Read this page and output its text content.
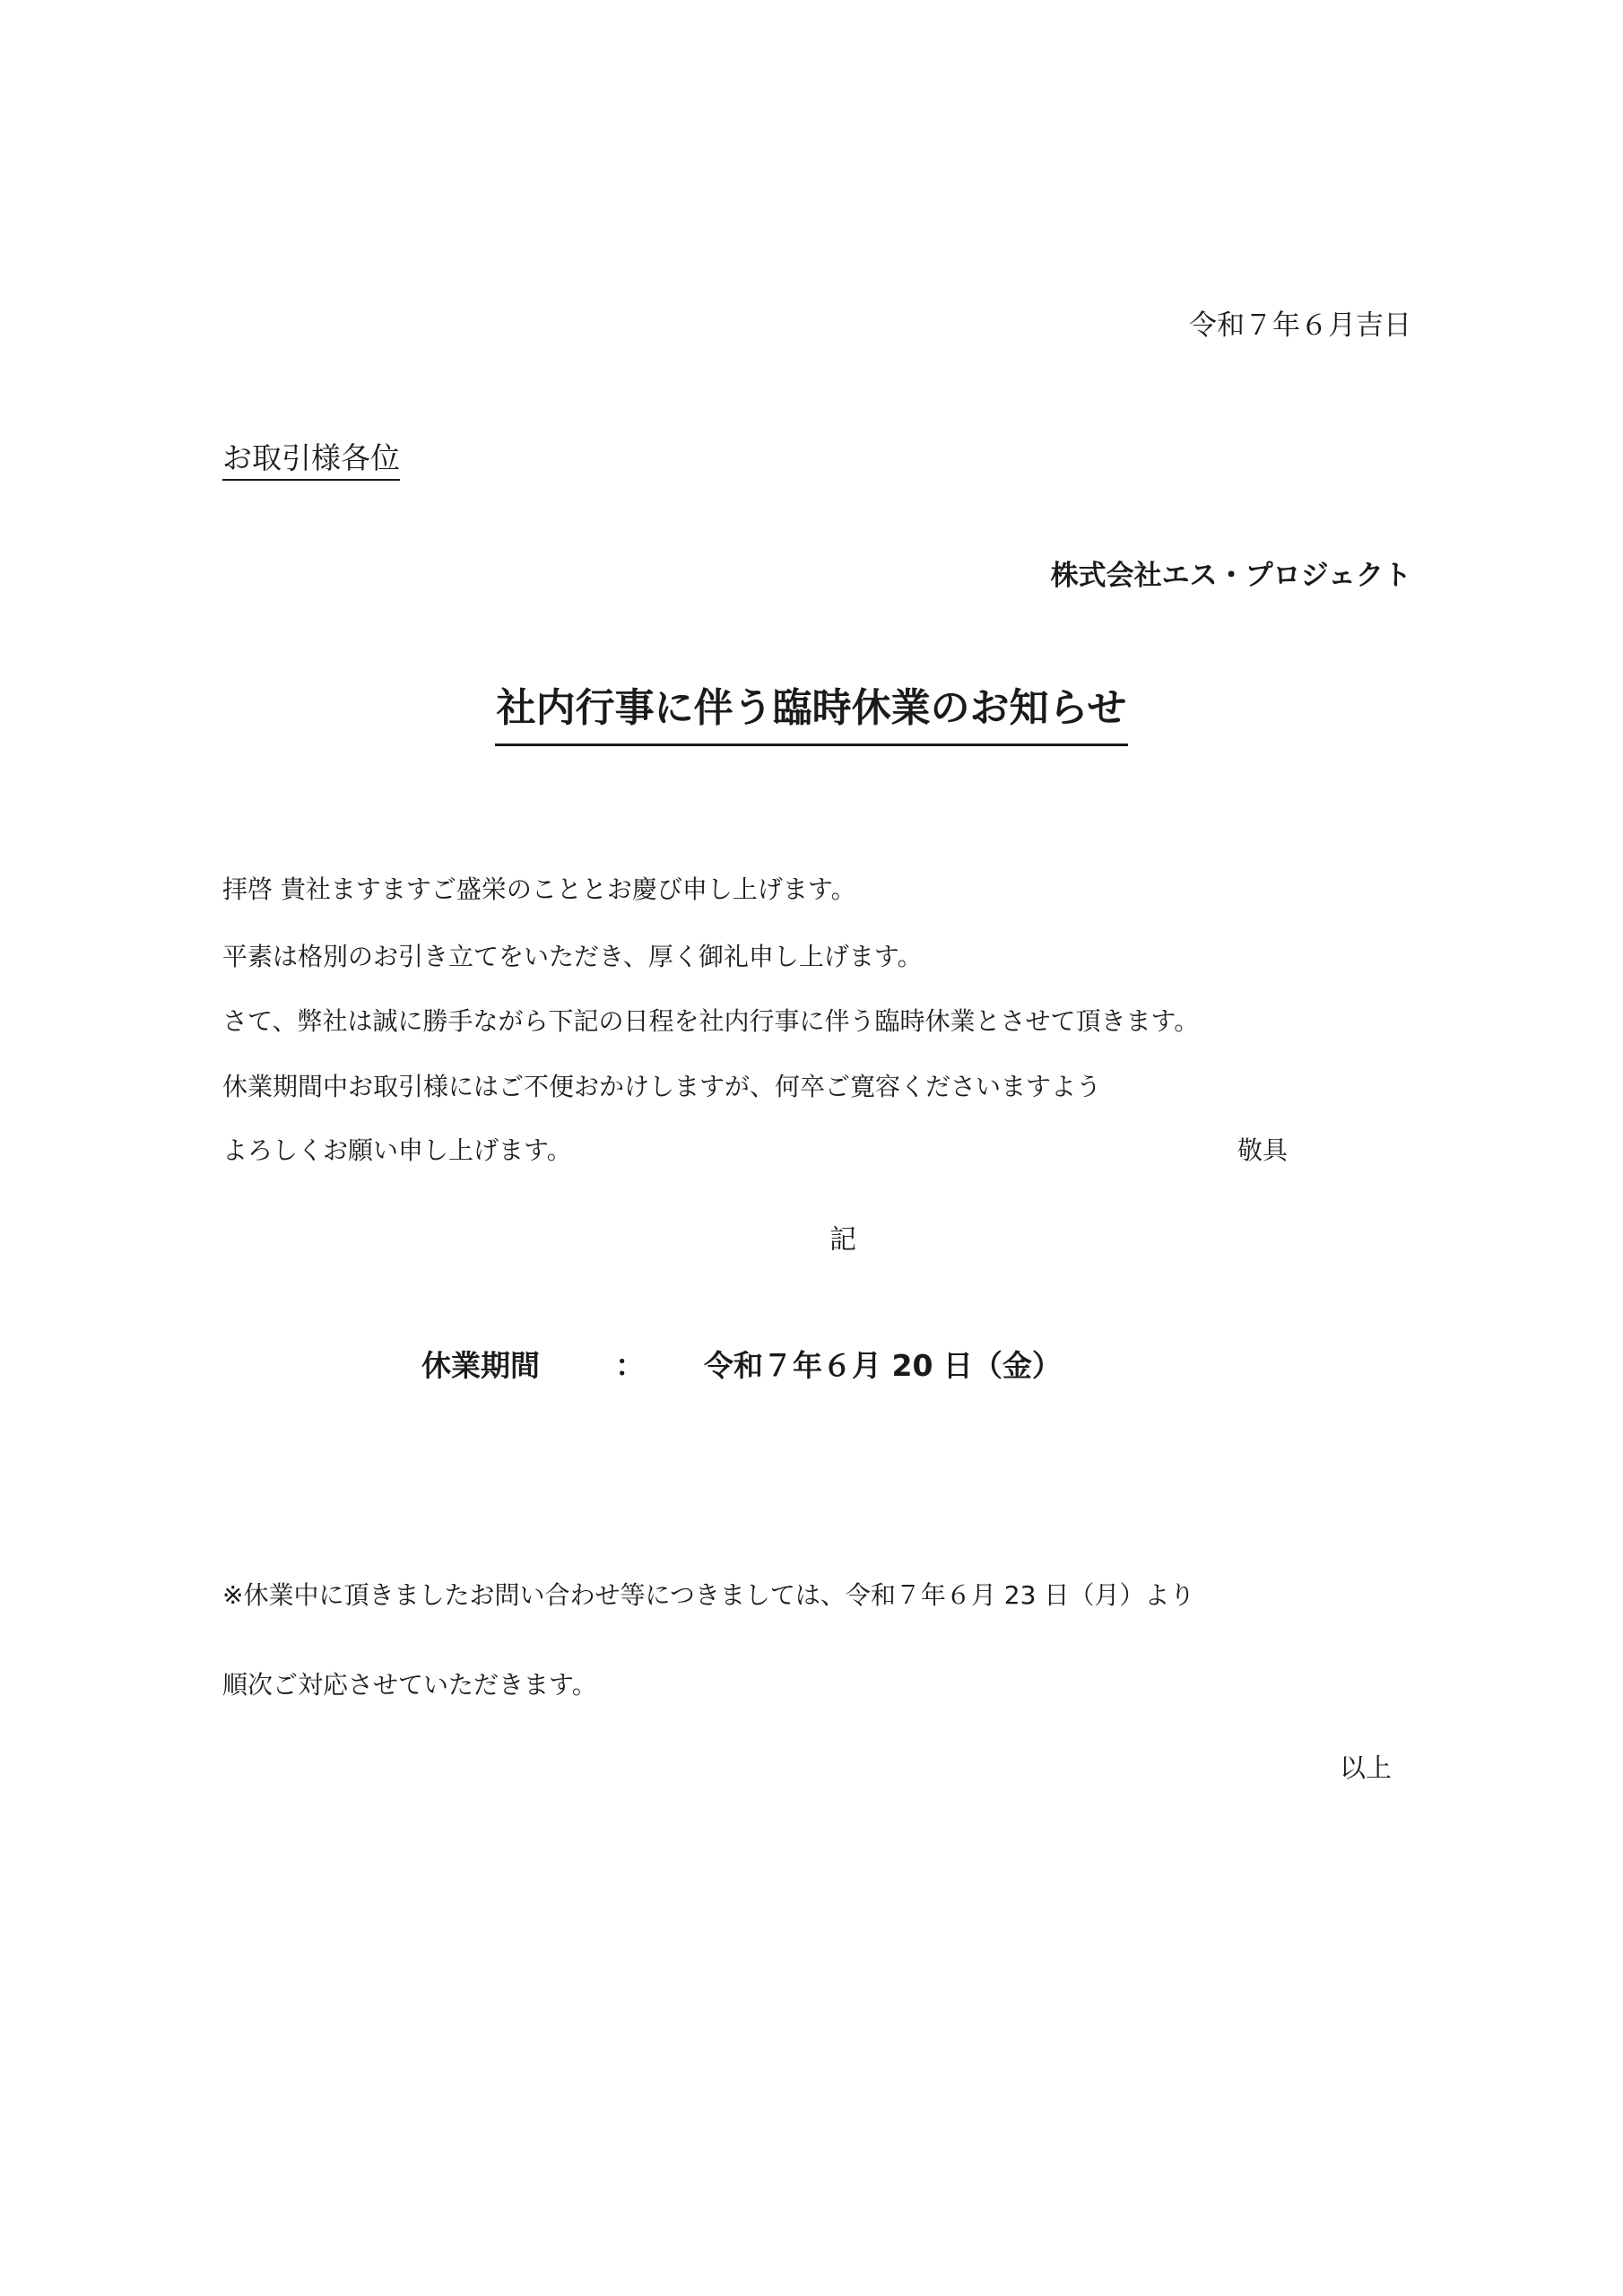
令和７年６月吉日
お取引様各位
株式会社エス・プロジェクト
社内行事に伴う臨時休業のお知らせ
拝啓 貴社ますますご盛栄のこととお慶び申し上げます。
平素は格別のお引き立てをいただき、厚く御礼申し上げます。
さて、弊社は誠に勝手ながら下記の日程を社内行事に伴う臨時休業とさせて頂きます。
休業期間中お取引様にはご不便おかけしますが、何卒ご寛容くださいますよう
よろしくお願い申し上げます。	敬具
記
休業期間	： 令和７年６月 20 日（金）
※休業中に頂きましたお問い合わせ等につきましては、令和７年６月 23 日（月）より
順次ご対応させていただきます。
以上
